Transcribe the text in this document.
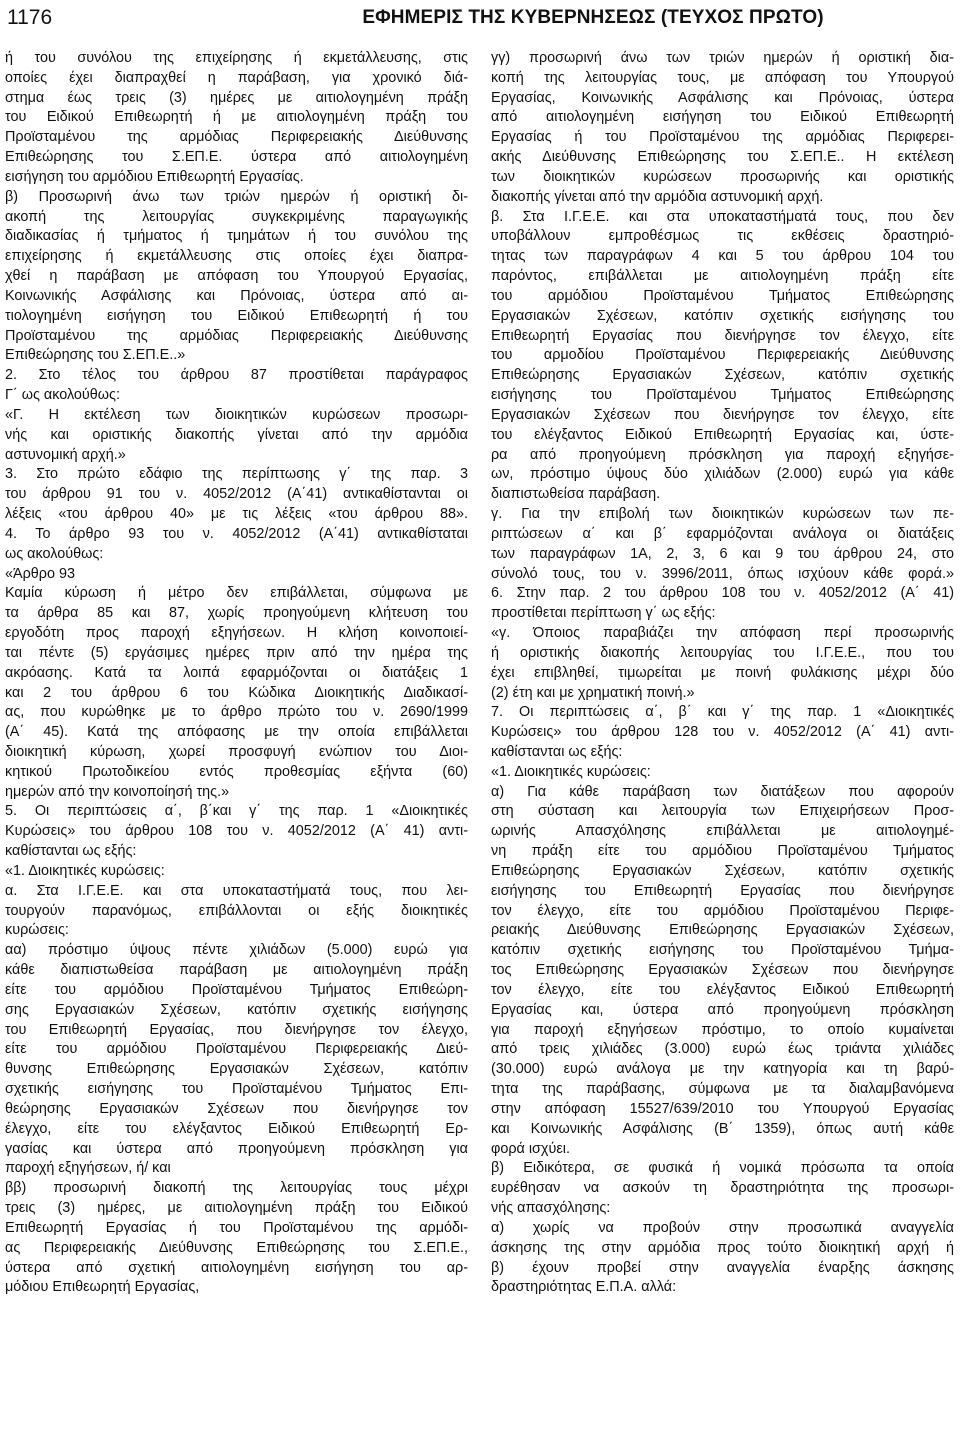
1176	ΕΦΗΜΕΡΙΣ ΤΗΣ ΚΥΒΕΡΝΗΣΕΩΣ (ΤΕΥΧΟΣ ΠΡΩΤΟ)
ή του συνόλου της επιχείρησης ή εκμετάλλευσης, στις
οποίες έχει διαπραχθεί η παράβαση, για χρονικό διά-
στημα έως τρεις (3) ημέρες με αιτιολογημένη πράξη
του Ειδικού Επιθεωρητή ή με αιτιολογημένη πράξη του
Προϊσταμένου της αρμόδιας Περιφερειακής Διεύθυνσης
Επιθεώρησης του Σ.ΕΠ.Ε. ύστερα από αιτιολογημένη
εισήγηση του αρμόδιου Επιθεωρητή Εργασίας.
β) Προσωρινή άνω των τριών ημερών ή οριστική δι-
ακοπή της λειτουργίας συγκεκριμένης παραγωγικής
διαδικασίας ή τμήματος ή τμημάτων ή του συνόλου της
επιχείρησης ή εκμετάλλευσης στις οποίες έχει διαπρα-
χθεί η παράβαση με απόφαση του Υπουργού Εργασίας,
Κοινωνικής Ασφάλισης και Πρόνοιας, ύστερα από αι-
τιολογημένη εισήγηση του Ειδικού Επιθεωρητή ή του
Προϊσταμένου της αρμόδιας Περιφερειακής Διεύθυνσης
Επιθεώρησης του Σ.ΕΠ.Ε..»
2. Στο τέλος του άρθρου 87 προστίθεται παράγραφος
Γ΄ ως ακολούθως:
«Γ. Η εκτέλεση των διοικητικών κυρώσεων προσωρι-
νής και οριστικής διακοπής γίνεται από την αρμόδια
αστυνομική αρχή.»
3. Στο πρώτο εδάφιο της περίπτωσης γ΄ της παρ. 3
του άρθρου 91 του ν. 4052/2012 (Α΄41) αντικαθίστανται οι
λέξεις «του άρθρου 40» με τις λέξεις «του άρθρου 88».
4. Το άρθρο 93 του ν. 4052/2012 (Α΄41) αντικαθίσταται
ως ακολούθως:
«Άρθρο 93
Καμία κύρωση ή μέτρο δεν επιβάλλεται, σύμφωνα με
τα άρθρα 85 και 87, χωρίς προηγούμενη κλήτευση του
εργοδότη προς παροχή εξηγήσεων. Η κλήση κοινοποιεί-
ται πέντε (5) εργάσιμες ημέρες πριν από την ημέρα της
ακρόασης. Κατά τα λοιπά εφαρμόζονται οι διατάξεις 1
και 2 του άρθρου 6 του Κώδικα Διοικητικής Διαδικασί-
ας, που κυρώθηκε με το άρθρο πρώτο του ν. 2690/1999
(Α΄ 45). Κατά της απόφασης με την οποία επιβάλλεται
διοικητική κύρωση, χωρεί προσφυγή ενώπιον του Διοι-
κητικού Πρωτοδικείου εντός προθεσμίας εξήντα (60)
ημερών από την κοινοποίησή της.»
5. Οι περιπτώσεις α΄, β΄και γ΄ της παρ. 1 «Διοικητικές
Κυρώσεις» του άρθρου 108 του ν. 4052/2012 (Α΄ 41) αντι-
καθίστανται ως εξής:
«1. Διοικητικές κυρώσεις:
α. Στα Ι.Γ.Ε.Ε. και στα υποκαταστήματά τους, που λει-
τουργούν παρανόμως, επιβάλλονται οι εξής διοικητικές
κυρώσεις:
αα) πρόστιμο ύψους πέντε χιλιάδων (5.000) ευρώ για
κάθε διαπιστωθείσα παράβαση με αιτιολογημένη πράξη
είτε του αρμόδιου Προϊσταμένου Τμήματος Επιθεώρη-
σης Εργασιακών Σχέσεων, κατόπιν σχετικής εισήγησης
του Επιθεωρητή Εργασίας, που διενήργησε τον έλεγχο,
είτε του αρμόδιου Προϊσταμένου Περιφερειακής Διεύ-
θυνσης Επιθεώρησης Εργασιακών Σχέσεων, κατόπιν
σχετικής εισήγησης του Προϊσταμένου Τμήματος Επι-
θεώρησης Εργασιακών Σχέσεων που διενήργησε τον
έλεγχο, είτε του ελέγξαντος Ειδικού Επιθεωρητή Ερ-
γασίας και ύστερα από προηγούμενη πρόσκληση για
παροχή εξηγήσεων, ή/ και
ββ) προσωρινή διακοπή της λειτουργίας τους μέχρι
τρεις (3) ημέρες, με αιτιολογημένη πράξη του Ειδικού
Επιθεωρητή Εργασίας ή του Προϊσταμένου της αρμόδι-
ας Περιφερειακής Διεύθυνσης Επιθεώρησης του Σ.ΕΠ.Ε.,
ύστερα από σχετική αιτιολογημένη εισήγηση του αρ-
μόδιου Επιθεωρητή Εργασίας,
γγ) προσωρινή άνω των τριών ημερών ή οριστική δια-
κοπή της λειτουργίας τους, με απόφαση του Υπουργού
Εργασίας, Κοινωνικής Ασφάλισης και Πρόνοιας, ύστερα
από αιτιολογημένη εισήγηση του Ειδικού Επιθεωρητή
Εργασίας ή του Προϊσταμένου της αρμόδιας Περιφερει-
ακής Διεύθυνσης Επιθεώρησης του Σ.ΕΠ.Ε.. Η εκτέλεση
των διοικητικών κυρώσεων προσωρινής και οριστικής
διακοπής γίνεται από την αρμόδια αστυνομική αρχή.
β. Στα Ι.Γ.Ε.Ε. και στα υποκαταστήματά τους, που δεν
υποβάλλουν εμπροθέσμως τις εκθέσεις δραστηριό-
τητας των παραγράφων 4 και 5 του άρθρου 104 του
παρόντος, επιβάλλεται με αιτιολογημένη πράξη είτε
του αρμόδιου Προϊσταμένου Τμήματος Επιθεώρησης
Εργασιακών Σχέσεων, κατόπιν σχετικής εισήγησης του
Επιθεωρητή Εργασίας που διενήργησε τον έλεγχο, είτε
του αρμοδίου Προϊσταμένου Περιφερειακής Διεύθυνσης
Επιθεώρησης Εργασιακών Σχέσεων, κατόπιν σχετικής
εισήγησης του Προϊσταμένου Τμήματος Επιθεώρησης
Εργασιακών Σχέσεων που διενήργησε τον έλεγχο, είτε
του ελέγξαντος Ειδικού Επιθεωρητή Εργασίας και, ύστε-
ρα από προηγούμενη πρόσκληση για παροχή εξηγήσε-
ων, πρόστιμο ύψους δύο χιλιάδων (2.000) ευρώ για κάθε
διαπιστωθείσα παράβαση.
γ. Για την επιβολή των διοικητικών κυρώσεων των πε-
ριπτώσεων α΄ και β΄ εφαρμόζονται ανάλογα οι διατάξεις
των παραγράφων 1Α, 2, 3, 6 και 9 του άρθρου 24, στο
σύνολό τους, του ν. 3996/2011, όπως ισχύουν κάθε φορά.»
6. Στην παρ. 2 του άρθρου 108 του ν. 4052/2012 (Α΄ 41)
προστίθεται περίπτωση γ΄ ως εξής:
«γ. Όποιος παραβιάζει την απόφαση περί προσωρινής
ή οριστικής διακοπής λειτουργίας του Ι.Γ.Ε.Ε., που του
έχει επιβληθεί, τιμωρείται με ποινή φυλάκισης μέχρι δύο
(2) έτη και με χρηματική ποινή.»
7. Οι περιπτώσεις α΄, β΄ και γ΄ της παρ. 1 «Διοικητικές
Κυρώσεις» του άρθρου 128 του ν. 4052/2012 (Α΄ 41) αντι-
καθίστανται ως εξής:
«1. Διοικητικές κυρώσεις:
α) Για κάθε παράβαση των διατάξεων που αφορούν
στη σύσταση και λειτουργία των Επιχειρήσεων Προσ-
ωρινής Απασχόλησης επιβάλλεται με αιτιολογημέ-
νη πράξη είτε του αρμόδιου Προϊσταμένου Τμήματος
Επιθεώρησης Εργασιακών Σχέσεων, κατόπιν σχετικής
εισήγησης του Επιθεωρητή Εργασίας που διενήργησε
τον έλεγχο, είτε του αρμόδιου Προϊσταμένου Περιφε-
ρειακής Διεύθυνσης Επιθεώρησης Εργασιακών Σχέσεων,
κατόπιν σχετικής εισήγησης του Προϊσταμένου Τμήμα-
τος Επιθεώρησης Εργασιακών Σχέσεων που διενήργησε
τον έλεγχο, είτε του ελέγξαντος Ειδικού Επιθεωρητή
Εργασίας και, ύστερα από προηγούμενη πρόσκληση
για παροχή εξηγήσεων πρόστιμο, το οποίο κυμαίνεται
από τρεις χιλιάδες (3.000) ευρώ έως τριάντα χιλιάδες
(30.000) ευρώ ανάλογα με την κατηγορία και τη βαρύ-
τητα της παράβασης, σύμφωνα με τα διαλαμβανόμενα
στην απόφαση 15527/639/2010 του Υπουργού Εργασίας
και Κοινωνικής Ασφάλισης (Β΄ 1359), όπως αυτή κάθε
φορά ισχύει.
β) Ειδικότερα, σε φυσικά ή νομικά πρόσωπα τα οποία
ευρέθησαν να ασκούν τη δραστηριότητα της προσωρι-
νής απασχόλησης:
α) χωρίς να προβούν στην προσωπικά αναγγελία
άσκησης της στην αρμόδια προς τούτο διοικητική αρχή ή
β) έχουν προβεί στην αναγγελία έναρξης άσκησης
δραστηριότητας Ε.Π.Α. αλλά:
